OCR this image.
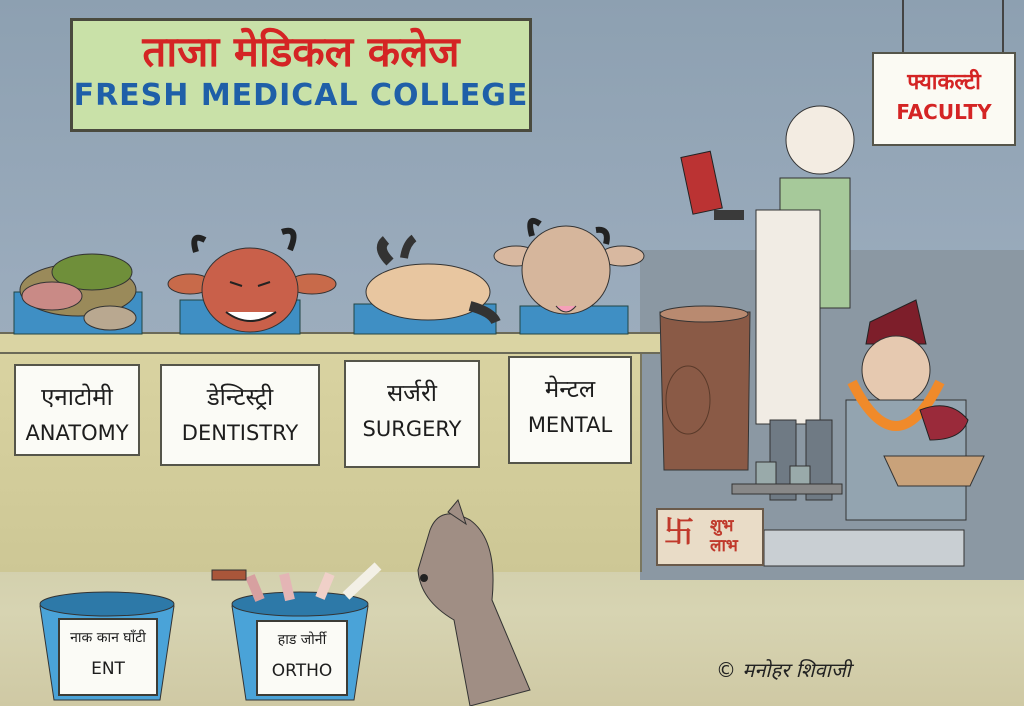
ताजा मेडिकल कलेज
FRESH MEDICAL COLLEGE	फ्याकल्टी
FACULTY
एनाटोमी
ANATOMY
डेन्टिस्ट्री
DENTISTRY
सर्जरी
SURGERY
मेन्टल
MENTAL
नाक कान घाँटी
ENT
हाड जोर्नी
ORTHO
卐 शुभ
लाभ
© मनोहर शिवाजी
